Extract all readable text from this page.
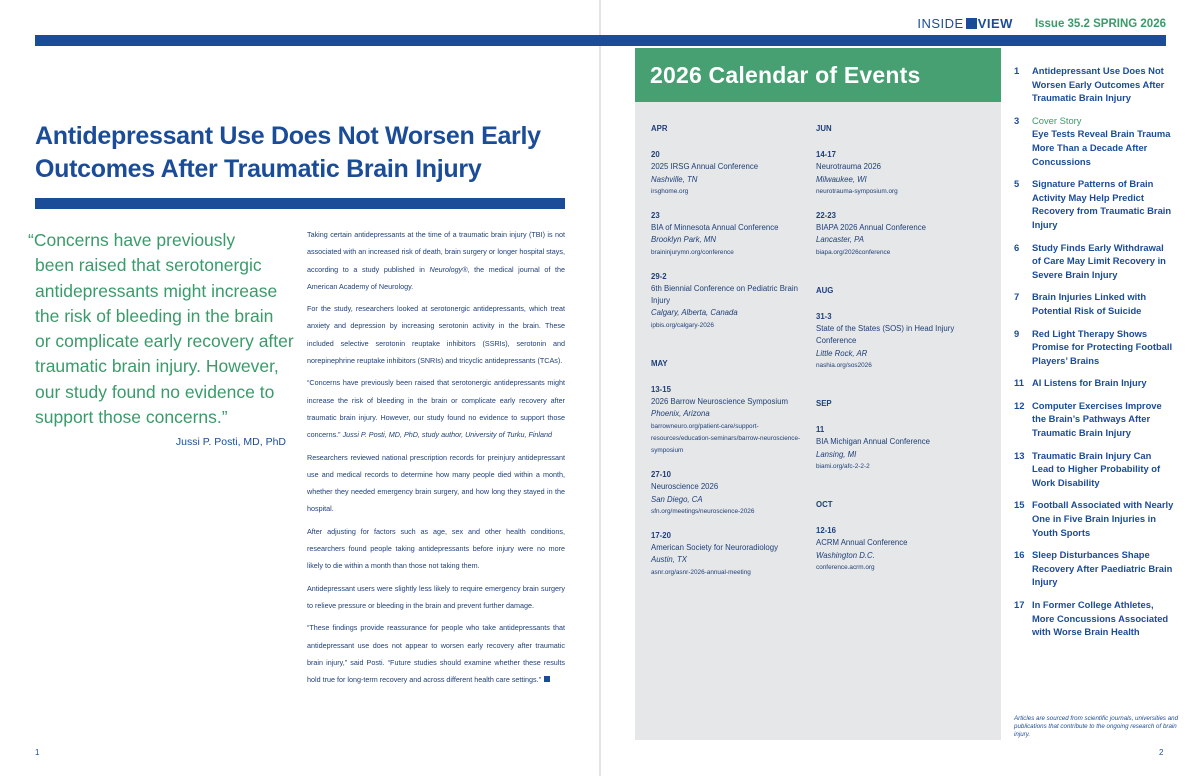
INSIDE VIEW Issue 35.2 SPRING 2026
Antidepressant Use Does Not Worsen Early Outcomes After Traumatic Brain Injury
“Concerns have previously
been raised that serotonergic
antidepressants might increase
the risk of bleeding in the brain
or complicate early recovery after
traumatic brain injury. However,
our study found no evidence to
support those concerns.”
Jussi P. Posti, MD, PhD

Taking certain antidepressants at the time of a traumatic brain injury (TBI) is not associated with an increased risk of death, brain surgery or longer hospital stays, according to a study published in Neurology®, the medical journal of the American Academy of Neurology.

For the study, researchers looked at serotonergic antidepressants, which treat anxiety and depression by increasing serotonin activity in the brain. These included selective serotonin reuptake inhibitors (SSRIs), serotonin and norepinephrine reuptake inhibitors (SNRIs) and tricyclic antidepressants (TCAs).

“Concerns have previously been raised that serotonergic antidepressants might increase the risk of bleeding in the brain or complicate early recovery after traumatic brain injury. However, our study found no evidence to support those concerns.” Jussi P. Posti, MD, PhD, study author, University of Turku, Finland

Researchers reviewed national prescription records for preinjury antidepressant use and medical records to determine how many people died within a month, whether they needed emergency brain surgery, and how long they stayed in the hospital.

After adjusting for factors such as age, sex and other health conditions, researchers found people taking antidepressants before injury were no more likely to die within a month than those not taking them.

Antidepressant users were slightly less likely to require emergency brain surgery to relieve pressure or bleeding in the brain and prevent further damage.

“These findings provide reassurance for people who take antidepressants that antidepressant use does not appear to worsen early recovery after traumatic brain injury,” said Posti. “Future studies should examine whether these results hold true for long-term recovery and across different health care settings.”

1	2
2026 Calendar of Events
APR
20
2025 IRSG Annual Conference
Nashville, TN
irsghome.org
23
BIA of Minnesota Annual Conference
Brooklyn Park, MN
braininjurymn.org/conference
29-2
6th Biennial Conference on Pediatric Brain Injury
Calgary, Alberta, Canada
ipbis.org/calgary-2026
MAY
13-15
2026 Barrow Neuroscience Symposium
Phoenix, Arizona
barrowneuro.org/patient-care/support-resources/education-seminars/barrow-neuroscience-symposium
27-10
Neuroscience 2026
San Diego, CA
sfn.org/meetings/neuroscience-2026
17-20
American Society for Neuroradiology
Austin, TX
asnr.org/asnr-2026-annual-meeting
JUN
14-17
Neurotrauma 2026
Milwaukee, WI
neurotrauma-symposium.org
22-23
BIAPA 2026 Annual Conference
Lancaster, PA
biapa.org/2026conference
AUG
31-3
State of the States (SOS) in Head Injury Conference
Little Rock, AR
nashia.org/sos2026
SEP
11
BIA Michigan Annual Conference
Lansing, MI
biami.org/afc-2-2-2
OCT
12-16
ACRM Annual Conference
Washington D.C.
conference.acrm.org
1	Antidepressant Use Does Not Worsen Early Outcomes After Traumatic Brain Injury
3	Cover Story
Eye Tests Reveal Brain Trauma More Than a Decade After Concussions
5	Signature Patterns of Brain Activity May Help Predict Recovery from Traumatic Brain Injury
6	Study Finds Early Withdrawal of Care May Limit Recovery in Severe Brain Injury
7	Brain Injuries Linked with Potential Risk of Suicide
9	Red Light Therapy Shows Promise for Protecting Football Players’ Brains
11 AI Listens for Brain Injury
12 Computer Exercises Improve the Brain’s Pathways After Traumatic Brain Injury
13 Traumatic Brain Injury Can Lead to Higher Probability of Work Disability
15 Football Associated with Nearly One in Five Brain Injuries in Youth Sports
16 Sleep Disturbances Shape Recovery After Paediatric Brain Injury
17 In Former College Athletes, More Concussions Associated with Worse Brain Health
Articles are sourced from scientific journals, universities and publications that contribute to the ongoing research of brain injury.
